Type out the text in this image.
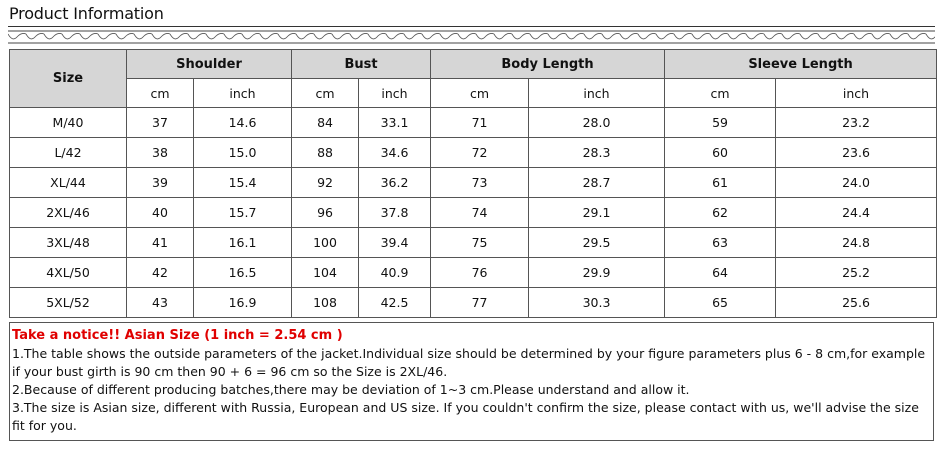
Product Information
Size	Shoulder		Bust		Body Length		Sleeve Length	
	cm	inch	cm	inch	cm	inch	cm	inch
M/40	37	14.6	84	33.1	71	28.0	59	23.2
L/42	38	15.0	88	34.6	72	28.3	60	23.6
XL/44	39	15.4	92	36.2	73	28.7	61	24.0
2XL/46	40	15.7	96	37.8	74	29.1	62	24.4
3XL/48	41	16.1	100	39.4	75	29.5	63	24.8
4XL/50	42	16.5	104	40.9	76	29.9	64	25.2
5XL/52	43	16.9	108	42.5	77	30.3	65	25.6

Take a notice!! Asian Size (1 inch = 2.54 cm )

1.The table shows the outside parameters of the jacket.Individual size should be determined by your figure parameters plus 6 - 8 cm,for example if your bust girth is 90 cm then 90 + 6 = 96 cm so the Size is 2XL/46.

2.Because of different producing batches,there may be deviation of 1~3 cm.Please understand and allow it.

3.The size is Asian size, different with Russia, European and US size. If you couldn't confirm the size, please contact with us, we'll advise the size fit for you.
